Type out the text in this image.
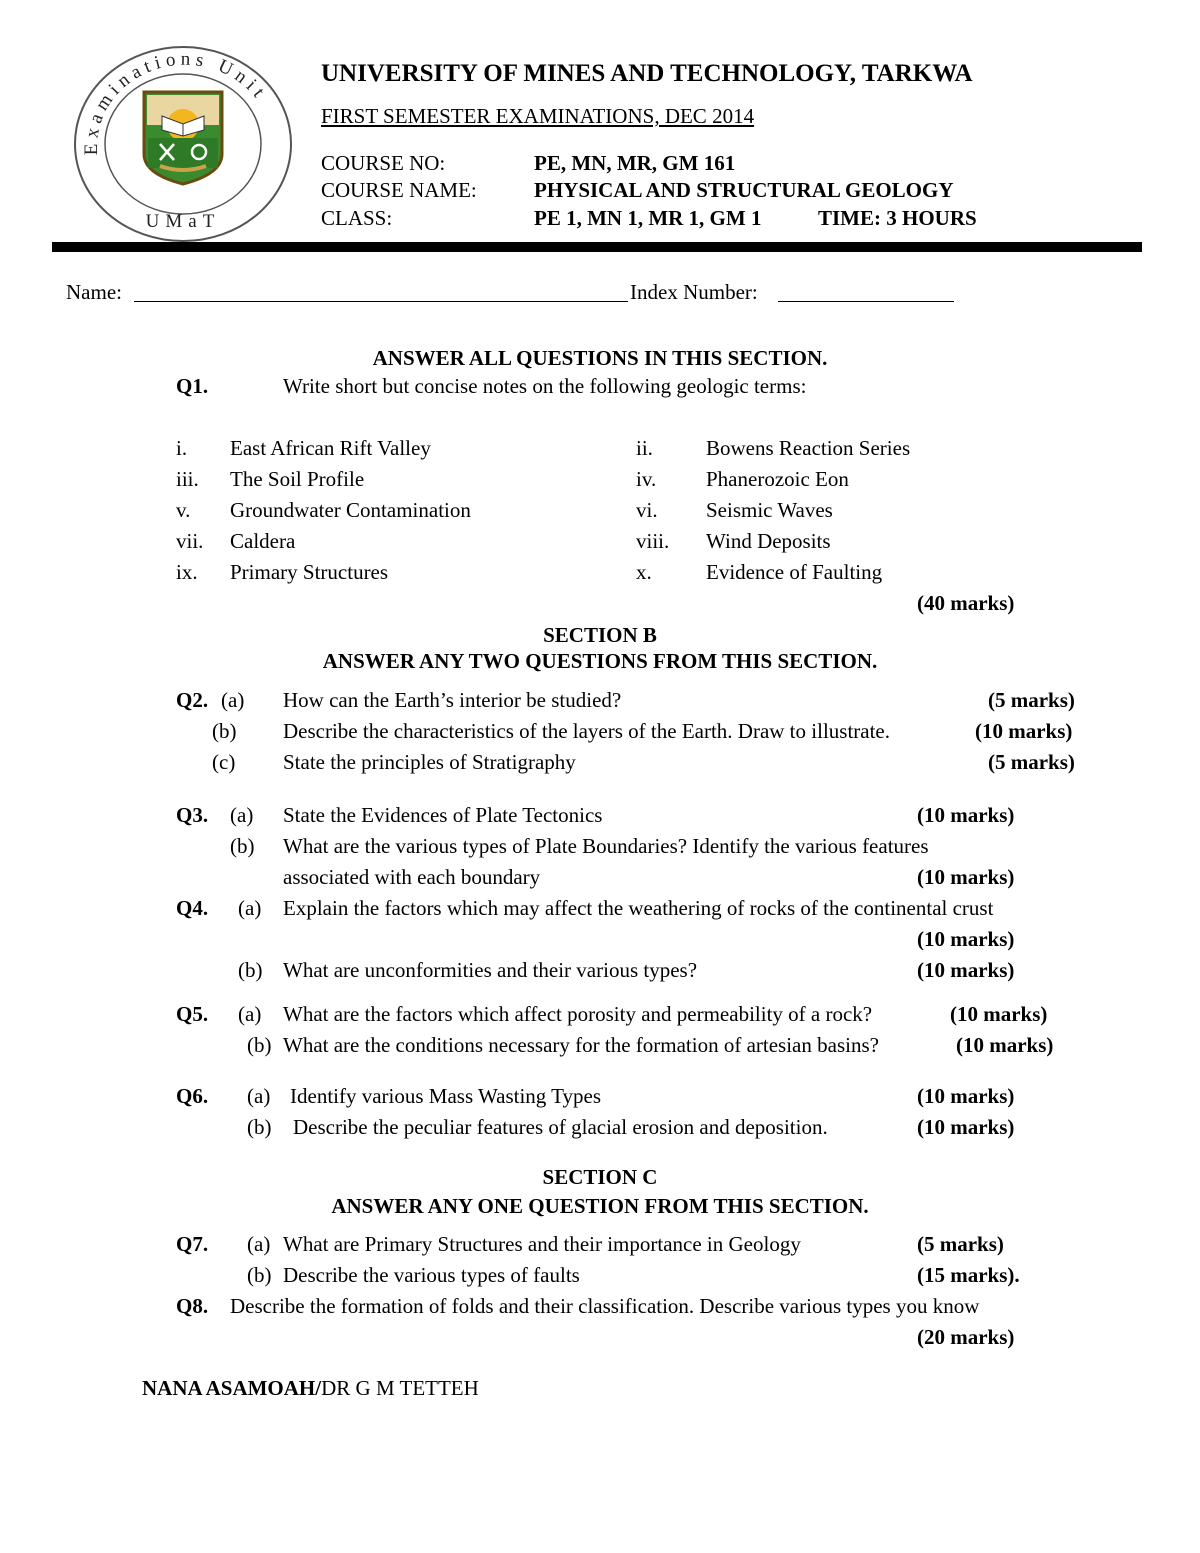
Examinations Unit
UMaT
UNIVERSITY OF MINES AND TECHNOLOGY, TARKWA
FIRST SEMESTER EXAMINATIONS, DEC 2014
COURSE NO:	PE, MN, MR, GM 161
COURSE NAME:	PHYSICAL AND STRUCTURAL GEOLOGY
CLASS:	PE 1, MN 1, MR 1, GM 1	TIME: 3 HOURS
Name:	Index Number:
ANSWER ALL QUESTIONS IN THIS SECTION.
Q1.	Write short but concise notes on the following geologic terms:
i. East African Rift Valley	ii.	Bowens Reaction Series
iii. The Soil Profile	iv. Phanerozoic Eon
v. Groundwater Contamination	vi. Seismic Waves
vii. Caldera	viii. Wind Deposits
ix. Primary Structures	x.	Evidence of Faulting
(40 marks)
SECTION B
ANSWER ANY TWO QUESTIONS FROM THIS SECTION.
Q2. (a) How can the Earth’s interior be studied?	(5 marks)
(b) Describe the characteristics of the layers of the Earth. Draw to illustrate.	(10 marks)
(c) State the principles of Stratigraphy	(5 marks)
Q3. (a) State the Evidences of Plate Tectonics	(10 marks)
(b) What are the various types of Plate Boundaries? Identify the various features
associated with each boundary	(10 marks)
Q4. (a) Explain the factors which may affect the weathering of rocks of the continental crust
(10 marks)
(b) What are unconformities and their various types?	(10 marks)
Q5. (a) What are the factors which affect porosity and permeability of a rock?	(10 marks)
(b) What are the conditions necessary for the formation of artesian basins?	(10 marks)
Q6. (a) Identify various Mass Wasting Types	(10 marks)
(b) Describe the peculiar features of glacial erosion and deposition.	(10 marks)
SECTION C
ANSWER ANY ONE QUESTION FROM THIS SECTION.
Q7. (a) What are Primary Structures and their importance in Geology	(5 marks)
(b) Describe the various types of faults	(15 marks).
Q8. Describe the formation of folds and their classification. Describe various types you know
(20 marks)
NANA ASAMOAH/DR G M TETTEH
